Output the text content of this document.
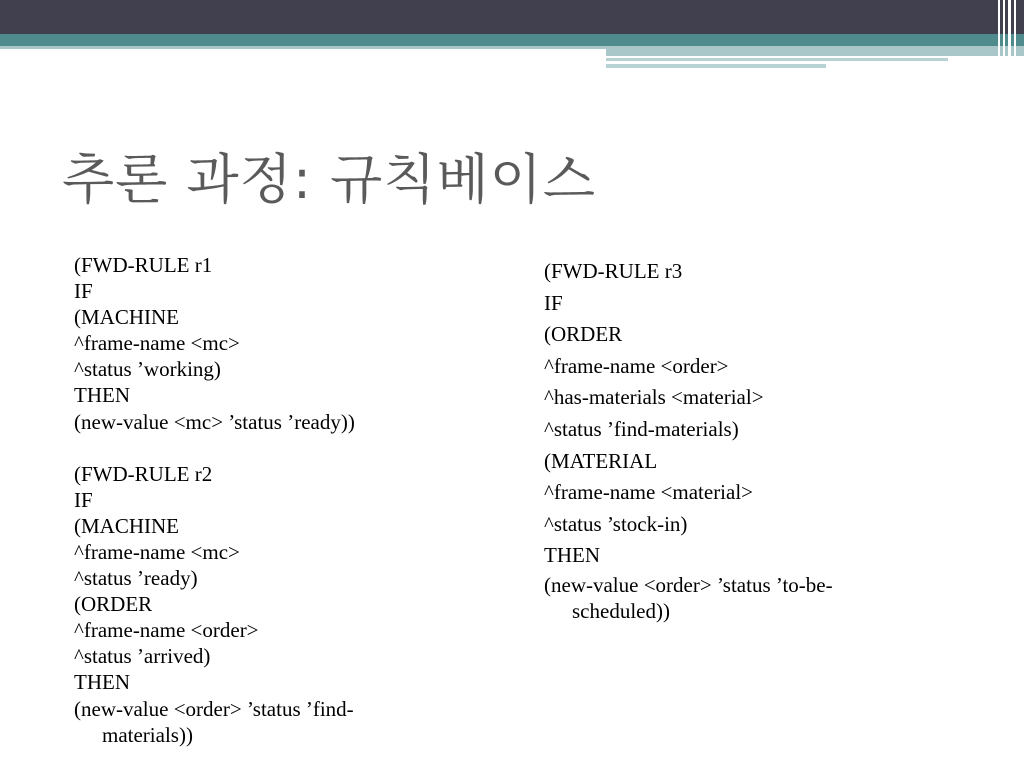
추론 과정: 규칙베이스
(FWD-RULE r1
IF
(MACHINE
^frame-name <mc>
^status ’working)
THEN
(new-value <mc> ’status ’ready))
(FWD-RULE r2
IF
(MACHINE
^frame-name <mc>
^status ’ready)
(ORDER
^frame-name <order>
^status ’arrived)
THEN
(new-value <order> ’status ’find-materials))
(FWD-RULE r3
IF
(ORDER
^frame-name <order>
^has-materials <material>
^status ’find-materials)
(MATERIAL
^frame-name <material>
^status ’stock-in)
THEN
(new-value <order> ’status ’to-be-scheduled))
